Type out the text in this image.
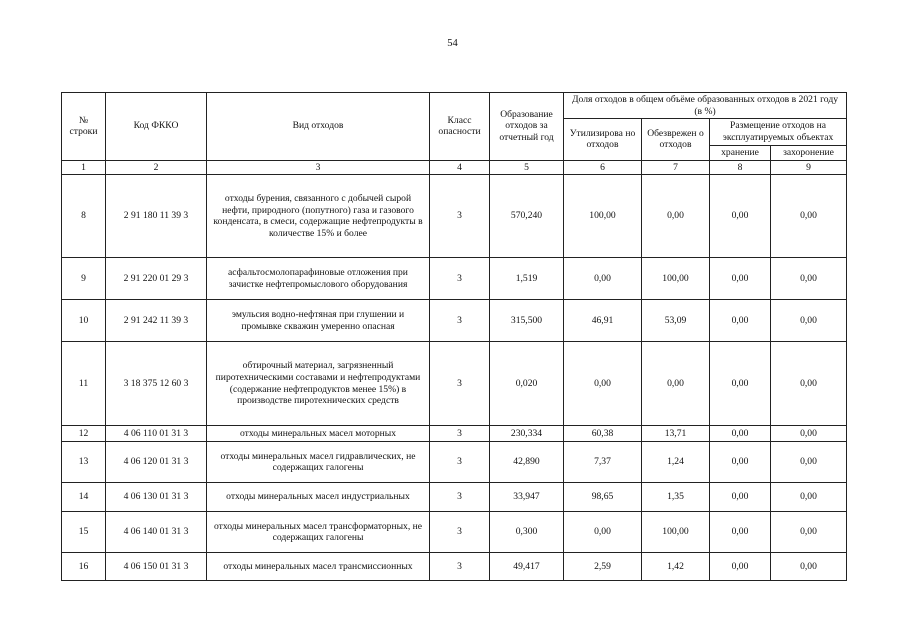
54
№ строки	Код ФККО	Вид отходов	Класс опасности	Образование отходов за отчетный год	Доля отходов в общем объёме образованных отходов в 2021 году (в %)			
					Утилизирова но отходов	Обезврежен о отходов	Размещение отходов на эксплуатируемых объектах	
							хранение	захоронение
1	2	3	4	5	6	7	8	9
8	2 91 180 11 39 3	отходы бурения, связанного с добычей сырой нефти, природного (попутного) газа и газового конденсата, в смеси, содержащие нефтепродукты в количестве 15% и более	3	570,240	100,00	0,00	0,00	0,00
9	2 91 220 01 29 3	асфальтосмолопарафиновые отложения при зачистке нефтепромыслового оборудования	3	1,519	0,00	100,00	0,00	0,00
10	2 91 242 11 39 3	эмульсия водно-нефтяная при глушении и промывке скважин умеренно опасная	3	315,500	46,91	53,09	0,00	0,00
11	3 18 375 12 60 3	обтирочный материал, загрязненный пиротехническими составами и нефтепродуктами (содержание нефтепродуктов менее 15%) в производстве пиротехнических средств	3	0,020	0,00	0,00	0,00	0,00
12	4 06 110 01 31 3	отходы минеральных масел моторных	3	230,334	60,38	13,71	0,00	0,00
13	4 06 120 01 31 3	отходы минеральных масел гидравлических, не содержащих галогены	3	42,890	7,37	1,24	0,00	0,00
14	4 06 130 01 31 3	отходы минеральных масел индустриальных	3	33,947	98,65	1,35	0,00	0,00
15	4 06 140 01 31 3	отходы минеральных масел трансформаторных, не содержащих галогены	3	0,300	0,00	100,00	0,00	0,00
16	4 06 150 01 31 3	отходы минеральных масел трансмиссионных	3	49,417	2,59	1,42	0,00	0,00
